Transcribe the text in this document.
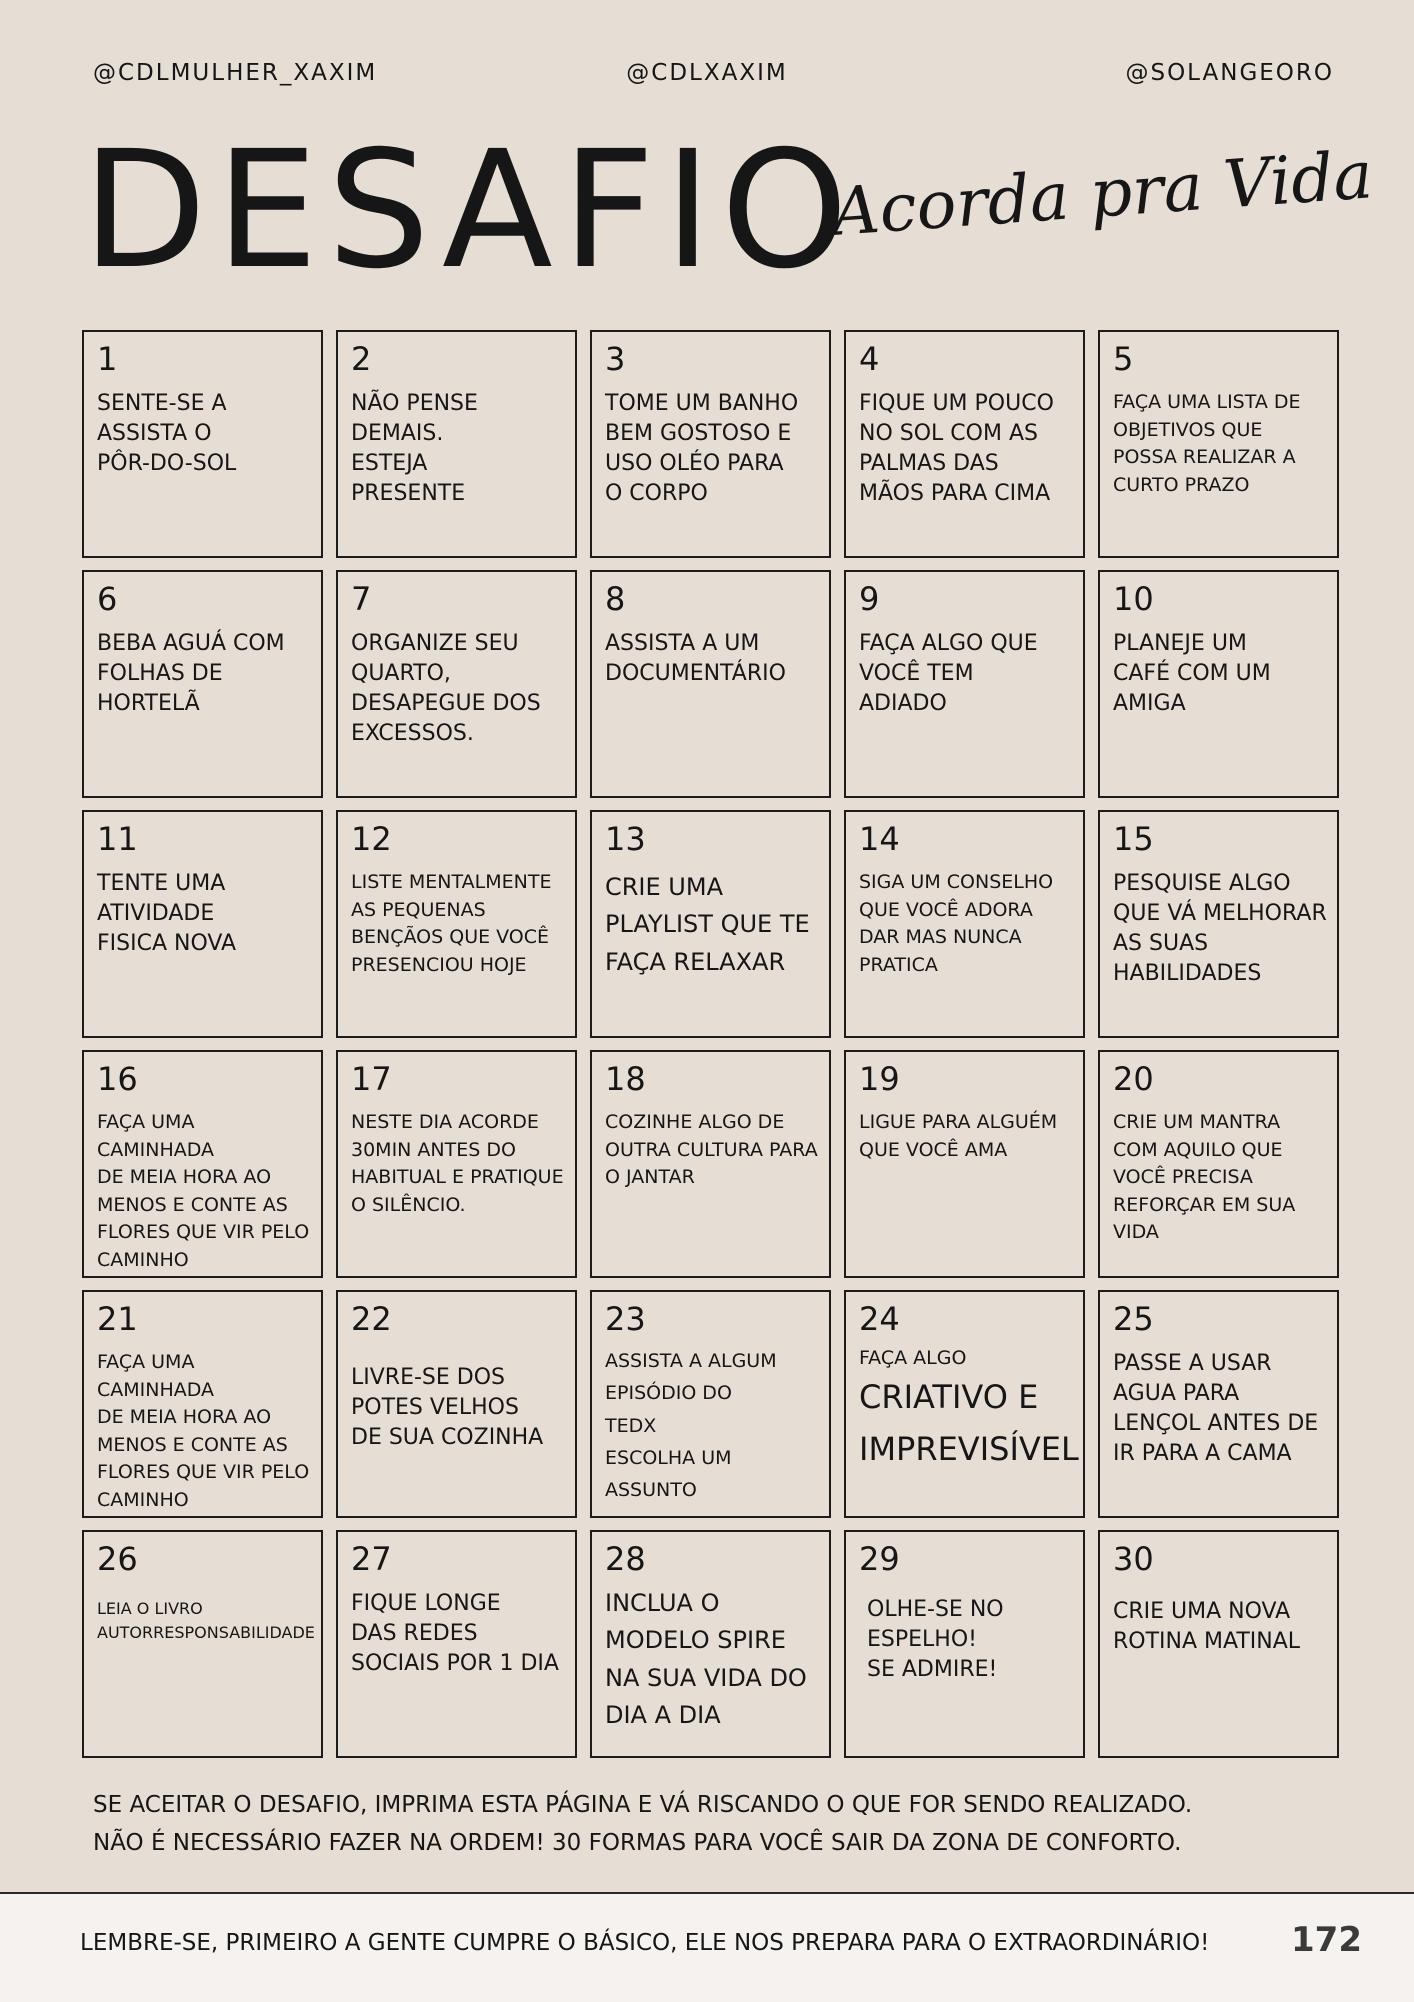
@CDLMULHER_XAXIM	@CDLXAXIM	@SOLANGEORO
DESAFIO
Acorda pra Vida
1
SENTE-SE A
ASSISTA O
PÔR-DO-SOL
2
NÃO PENSE
DEMAIS.
ESTEJA
PRESENTE
3
TOME UM BANHO
BEM GOSTOSO E
USO OLÉO PARA
O CORPO
4
FIQUE UM POUCO
NO SOL COM AS
PALMAS DAS
MÃOS PARA CIMA
5
FAÇA UMA LISTA DE
OBJETIVOS QUE
POSSA REALIZAR A
CURTO PRAZO
6
BEBA AGUÁ COM
FOLHAS DE
HORTELÃ
7
ORGANIZE SEU
QUARTO,
DESAPEGUE DOS
EXCESSOS.
8
ASSISTA A UM
DOCUMENTÁRIO
9
FAÇA ALGO QUE
VOCÊ TEM
ADIADO
10
PLANEJE UM
CAFÉ COM UM
AMIGA
11
TENTE UMA
ATIVIDADE
FISICA NOVA
12
LISTE MENTALMENTE
AS PEQUENAS
BENÇÃOS QUE VOCÊ
PRESENCIOU HOJE
13
CRIE UMA
PLAYLIST QUE TE
FAÇA RELAXAR
14
SIGA UM CONSELHO
QUE VOCÊ ADORA
DAR MAS NUNCA
PRATICA
15
PESQUISE ALGO
QUE VÁ MELHORAR
AS SUAS
HABILIDADES
16
FAÇA UMA CAMINHADA
DE MEIA HORA AO
MENOS E CONTE AS
FLORES QUE VIR PELO
CAMINHO
17
NESTE DIA ACORDE
30MIN ANTES DO
HABITUAL E PRATIQUE
O SILÊNCIO.
18
COZINHE ALGO DE
OUTRA CULTURA PARA
O JANTAR
19
LIGUE PARA ALGUÉM
QUE VOCÊ AMA
20
CRIE UM MANTRA
COM AQUILO QUE
VOCÊ PRECISA
REFORÇAR EM SUA
VIDA
21
FAÇA UMA CAMINHADA
DE MEIA HORA AO
MENOS E CONTE AS
FLORES QUE VIR PELO
CAMINHO
22
LIVRE-SE DOS
POTES VELHOS
DE SUA COZINHA
23
ASSISTA A ALGUM
EPISÓDIO DO
TEDX
ESCOLHA UM
ASSUNTO
24
FAÇA ALGO
CRIATIVO E
IMPREVISÍVEL
25
PASSE A USAR
AGUA PARA
LENÇOL ANTES DE
IR PARA A CAMA
26
LEIA O LIVRO
AUTORRESPONSABILIDADE
27
FIQUE LONGE
DAS REDES
SOCIAIS POR 1 DIA
28
INCLUA O
MODELO SPIRE
NA SUA VIDA DO
DIA A DIA
29
OLHE-SE NO
ESPELHO!
SE ADMIRE!
30
CRIE UMA NOVA
ROTINA MATINAL

SE ACEITAR O DESAFIO, IMPRIMA ESTA PÁGINA E VÁ RISCANDO O QUE FOR SENDO REALIZADO.
NÃO É NECESSÁRIO FAZER NA ORDEM! 30 FORMAS PARA VOCÊ SAIR DA ZONA DE CONFORTO.

LEMBRE-SE, PRIMEIRO A GENTE CUMPRE O BÁSICO, ELE NOS PREPARA PARA O EXTRAORDINÁRIO! 172
